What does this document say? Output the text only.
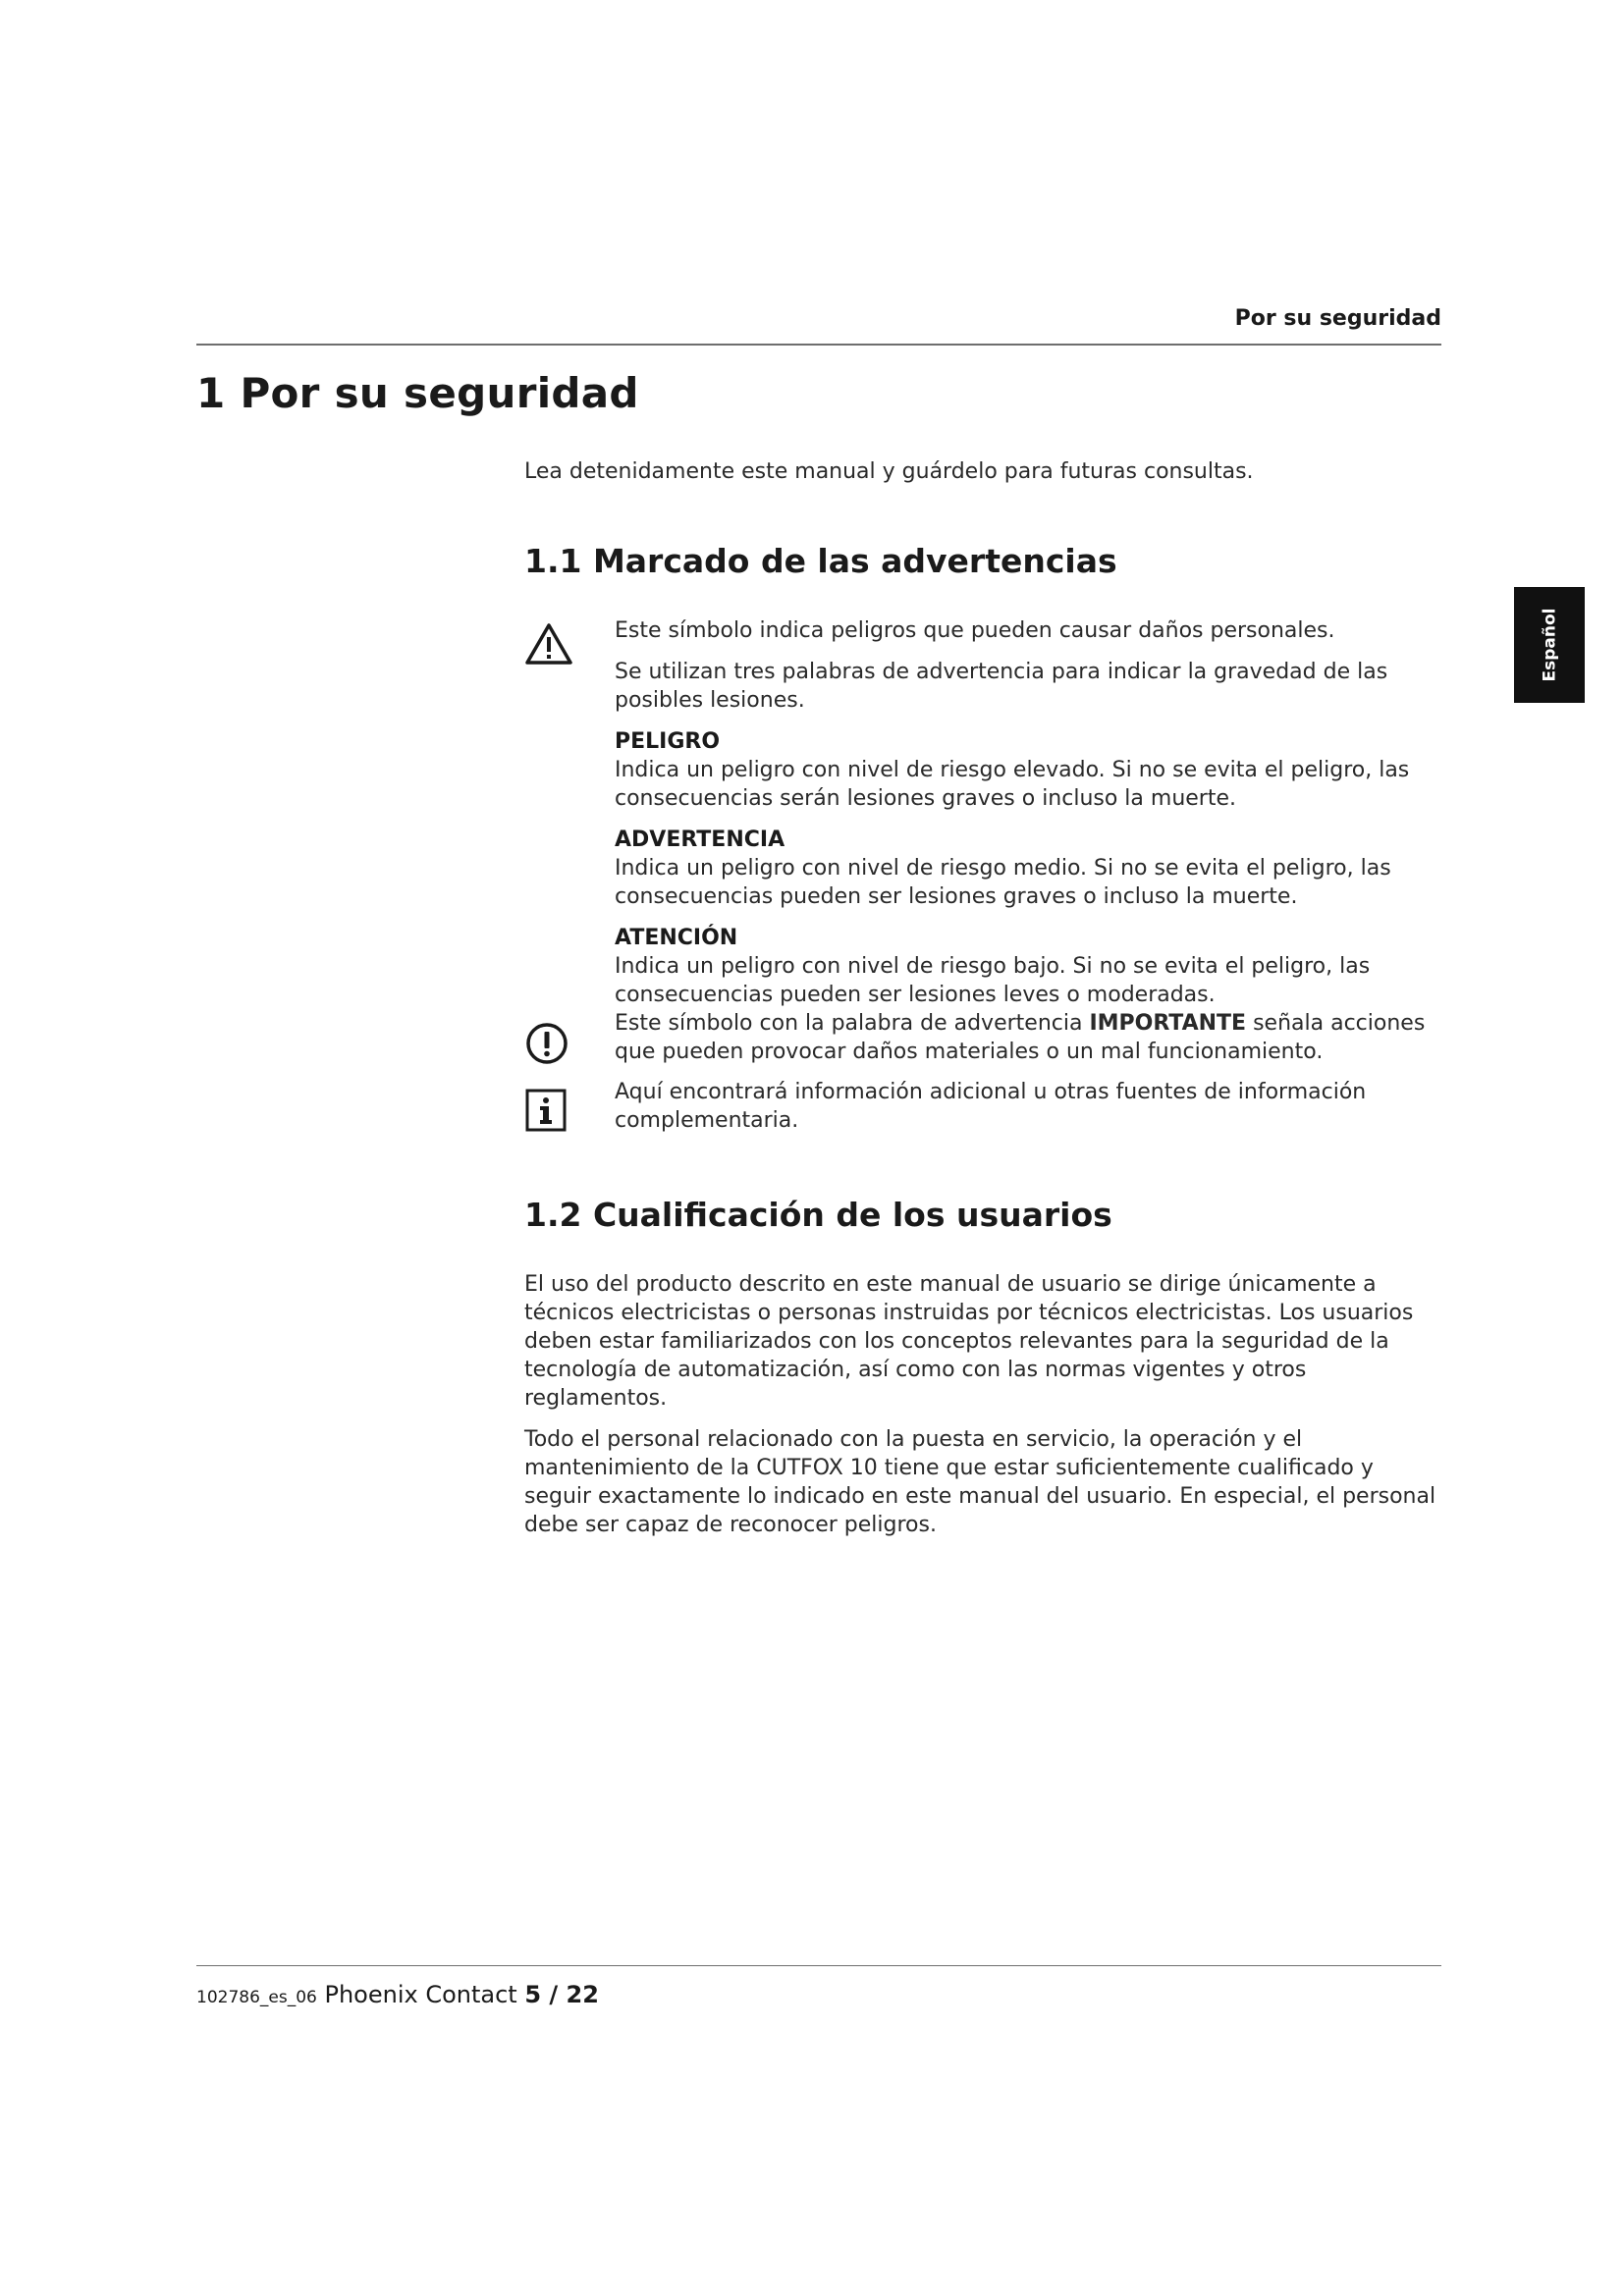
Por su seguridad
Español
1 Por su seguridad

Lea detenidamente este manual y guárdelo para futuras consultas.

1.1 Marcado de las advertencias

Este símbolo indica peligros que pueden causar daños personales.

Se utilizan tres palabras de advertencia para indicar la gravedad de las posibles lesiones.

PELIGRO

Indica un peligro con nivel de riesgo elevado. Si no se evita el peligro, las consecuencias serán lesiones graves o incluso la muerte.

ADVERTENCIA

Indica un peligro con nivel de riesgo medio. Si no se evita el peligro, las consecuencias pueden ser lesiones graves o incluso la muerte.

ATENCIÓN

Indica un peligro con nivel de riesgo bajo. Si no se evita el peligro, las consecuencias pueden ser lesiones leves o moderadas.

Este símbolo con la palabra de advertencia IMPORTANTE señala acciones que pueden provocar daños materiales o un mal funcionamiento.

Aquí encontrará información adicional u otras fuentes de información complementaria.

1.2 Cualificación de los usuarios

El uso del producto descrito en este manual de usuario se dirige únicamente a técnicos electricistas o personas instruidas por técnicos electricistas. Los usuarios deben estar familiarizados con los conceptos relevantes para la seguridad de la tecnología de automatización, así como con las normas vigentes y otros reglamentos.

Todo el personal relacionado con la puesta en servicio, la operación y el mantenimiento de la CUTFOX 10 tiene que estar suficientemente cualificado y seguir exactamente lo indicado en este manual del usuario. En especial, el personal debe ser capaz de reconocer peligros.

102786_es_06 Phoenix Contact 5 / 22
